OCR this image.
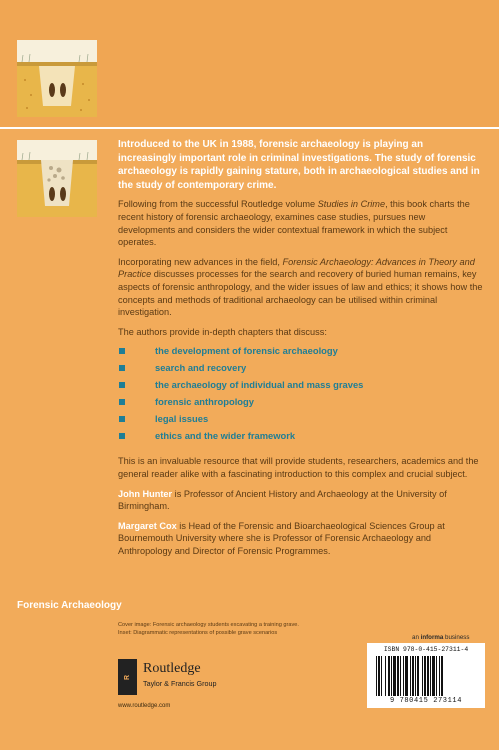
Introduced to the UK in 1988, forensic archaeology is playing an increasingly important role in criminal investigations. The study of forensic archaeology is rapidly gaining stature, both in archaeological studies and in the study of contemporary crime.

Following from the successful Routledge volume Studies in Crime, this book charts the recent history of forensic archaeology, examines case studies, pursues new developments and considers the wider contextual framework in which the subject operates.

Incorporating new advances in the field, Forensic Archaeology: Advances in Theory and Practice discusses processes for the search and recovery of buried human remains, key aspects of forensic anthropology, and the wider issues of law and ethics; it shows how the concepts and methods of traditional archaeology can be utilised within criminal investigation.

The authors provide in-depth chapters that discuss:

the development of forensic archaeology
search and recovery
the archaeology of individual and mass graves
forensic anthropology
legal issues
ethics and the wider framework

This is an invaluable resource that will provide students, researchers, academics and the general reader alike with a fascinating introduction to this complex and crucial subject.

John Hunter is Professor of Ancient History and Archaeology at the University of Birmingham.

Margaret Cox is Head of the Forensic and Bioarchaeological Sciences Group at Bournemouth University where she is Professor of Forensic Archaeology and Anthropology and Director of Forensic Programmes.

Forensic Archaeology
Cover image: Forensic archaeology students excavating a training grave.
Inset: Diagrammatic representations of possible grave scenarios
R
Routledge
Taylor & Francis Group
www.routledge.com
an informa business
ISBN 978-0-415-27311-4
9 780415 273114
